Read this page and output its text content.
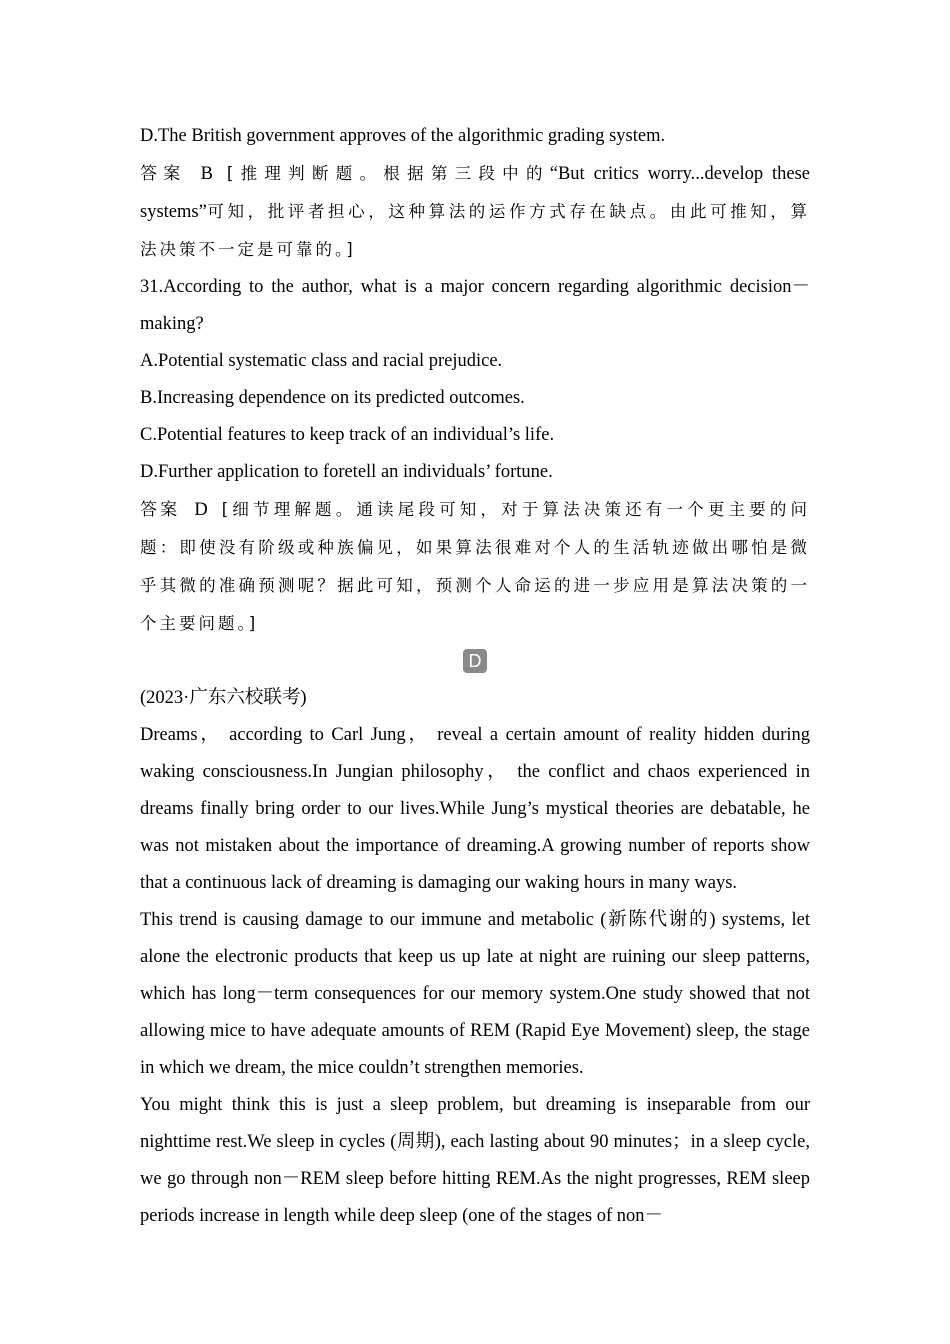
D.The British government approves of the algorithmic grading system.

答案 B [推理判断题。根据第三段中的“But critics worry...develop these systems”可知，批评者担心，这种算法的运作方式存在缺点。由此可推知，算法决策不一定是可靠的。]

31.According to the author, what is a major concern regarding algorithmic decision－making?

A.Potential systematic class and racial prejudice.

B.Increasing dependence on its predicted outcomes.

C.Potential features to keep track of an individual’s life.

D.Further application to foretell an individuals’ fortune.

答案 D [细节理解题。通读尾段可知，对于算法决策还有一个更主要的问题：即使没有阶级或种族偏见，如果算法很难对个人的生活轨迹做出哪怕是微乎其微的准确预测呢？据此可知，预测个人命运的进一步应用是算法决策的一个主要问题。]

D

(2023·广东六校联考)

Dreams， according to Carl Jung， reveal a certain amount of reality hidden during waking consciousness.In Jungian philosophy， the conflict and chaos experienced in dreams finally bring order to our lives.While Jung’s mystical theories are debatable, he was not mistaken about the importance of dreaming.A growing number of reports show that a continuous lack of dreaming is damaging our waking hours in many ways.

This trend is causing damage to our immune and metabolic (新陈代谢的) systems, let alone the electronic products that keep us up late at night are ruining our sleep patterns, which has long－term consequences for our memory system.One study showed that not allowing mice to have adequate amounts of REM (Rapid Eye Movement) sleep, the stage in which we dream, the mice couldn’t strengthen memories.

You might think this is just a sleep problem, but dreaming is inseparable from our nighttime rest.We sleep in cycles (周期), each lasting about 90 minutes；in a sleep cycle, we go through non－REM sleep before hitting REM.As the night progresses, REM sleep periods increase in length while deep sleep (one of the stages of non－
